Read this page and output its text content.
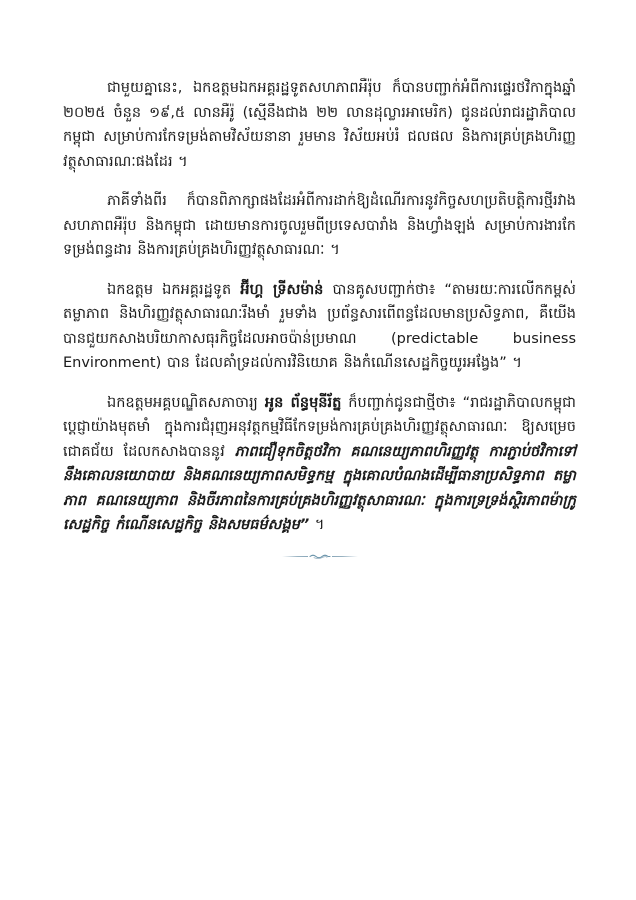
ជាមួយគ្នានេះ, ឯកឧត្តមឯកអគ្គរដ្ឋទូតសហភាពអឺរ៉ុប ក៏បានបញ្ជាក់អំពីការផ្ទេរថវិកាក្នុងឆ្នាំ ២០២៥ ចំនួន ១៩,៥ លានអឺរ៉ូ (ស្មើនឹងជាង ២២ លានដុល្លារអាមេរិក) ជូនដល់រាជរដ្ឋាភិបាលកម្ពុជា សម្រាប់ការកែទម្រង់តាមវិស័យនានា រួមមាន វិស័យអប់រំ ជលផល និងការគ្រប់គ្រងហិរញ្ញវត្ថុសាធារណៈផងដែរ ។

ភាគីទាំងពីរ ក៏បានពិភាក្សាផងដែរអំពីការដាក់ឱ្យដំណើរការនូវកិច្ចសហប្រតិបត្តិការថ្មីរវាង សហភាពអឺរ៉ុប និងកម្ពុជា ដោយមានការចូលរួមពីប្រទេសបារាំង និងហ្វាំងឡង់ សម្រាប់ការងារកែទម្រង់ពន្ធដារ និងការគ្រប់គ្រងហិរញ្ញវត្ថុសាធារណៈ ។

ឯកឧត្តម ឯកអគ្គរដ្ឋទូត អ៊ីហ្គ ទ្រីសម៉ាន់ បានគូសបញ្ជាក់ថា៖ “តាមរយៈការលើកកម្ពស់តម្លាភាព និងហិរញ្ញវត្ថុសាធារណៈរឹងមាំ រួមទាំង ប្រព័ន្ធសារពើពន្ធដែលមានប្រសិទ្ធភាព, គឺយើងបានជួយកសាងបរិយាកាសធុរកិច្ចដែលអាចប៉ាន់ប្រមាណ (predictable business Environment) បាន ដែលគាំទ្រដល់ការវិនិយោគ និងកំណើនសេដ្ឋកិច្ចយូរអង្វែង” ។

ឯកឧត្តមអគ្គបណ្ឌិតសភាចារ្យ អូន ព័ន្ធមុនីរ័ត្ន ក៏បញ្ជាក់ជូនជាថ្មីថា៖ “រាជរដ្ឋាភិបាលកម្ពុជា ប្ដេជ្ញាយ៉ាងមុតមាំ ក្នុងការជំរុញអនុវត្តកម្មវិធីកែទម្រង់ការគ្រប់គ្រងហិរញ្ញវត្ថុសាធារណៈ ឱ្យសម្រេចជោគជ័យ ដែលកសាងបាននូវ ភាពជឿទុកចិត្តថវិកា គណនេយ្យភាពហិរញ្ញវត្ថុ ការភ្ជាប់ថវិកាទៅនឹងគោលនយោបាយ និងគណនេយ្យភាពសមិទ្ធកម្ម ក្នុងគោលបំណងដើម្បីធានាប្រសិទ្ធភាព តម្លាភាព គណនេយ្យភាព និងចីរភាពនៃការគ្រប់គ្រងហិរញ្ញវត្ថុសាធារណៈ ក្នុងការទ្រទ្រង់ស្ថិរភាពម៉ាក្រូសេដ្ឋកិច្ច កំណើនសេដ្ឋកិច្ច និងសមធម៌សង្គម” ។
